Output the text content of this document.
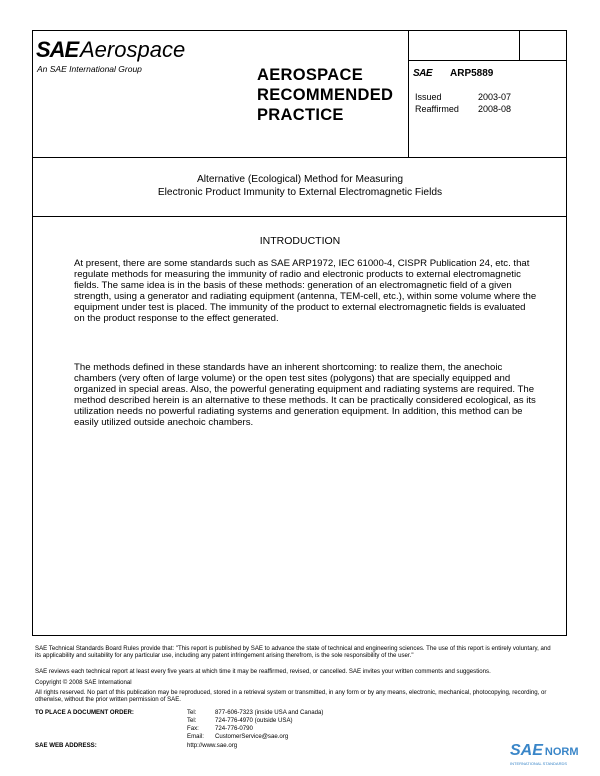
SAE Aerospace
An SAE International Group	AEROSPACE
RECOMMENDED
PRACTICE
SAE ARP5889
Issued	2003-07
Reaffirmed 2008-08
Alternative (Ecological) Method for Measuring
Electronic Product Immunity to External Electromagnetic Fields
INTRODUCTION

At present, there are some standards such as SAE ARP1972, IEC 61000-4, CISPR Publication 24, etc. that regulate methods for measuring the immunity of radio and electronic products to external electromagnetic fields. The same idea is in the basis of these methods: generation of an electromagnetic field of a given strength, using a generator and radiating equipment (antenna, TEM-cell, etc.), within some volume where the equipment under test is placed. The immunity of the product to external electromagnetic fields is evaluated on the product response to the effect generated.

The methods defined in these standards have an inherent shortcoming: to realize them, the anechoic chambers (very often of large volume) or the open test sites (polygons) that are specially equipped and organized in special areas. Also, the powerful generating equipment and radiating systems are required. The method described herein is an alternative to these methods. It can be practically considered ecological, as its utilization needs no powerful radiating systems and generation equipment. In addition, this method can be easily utilized outside anechoic chambers.

SAE Technical Standards Board Rules provide that: "This report is published by SAE to advance the state of technical and engineering sciences. The use of this report is entirely voluntary, and its applicability and suitability for any particular use, including any patent infringement arising therefrom, is the sole responsibility of the user."
SAE reviews each technical report at least every five years at which time it may be reaffirmed, revised, or cancelled. SAE invites your written comments and suggestions.
Copyright © 2008 SAE International
All rights reserved. No part of this publication may be reproduced, stored in a retrieval system or transmitted, in any form or by any means, electronic, mechanical, photocopying, recording, or otherwise, without the prior written permission of SAE.
TO PLACE A DOCUMENT ORDER:	Tel:	877-606-7323 (inside USA and Canada)
Tel:	724-776-4970 (outside USA)
Fax:	724-776-0790
Email: CustomerService@sae.org
SAE WEB ADDRESS:	http://www.sae.org	SAE NORM
INTERNATIONAL STANDARDS
